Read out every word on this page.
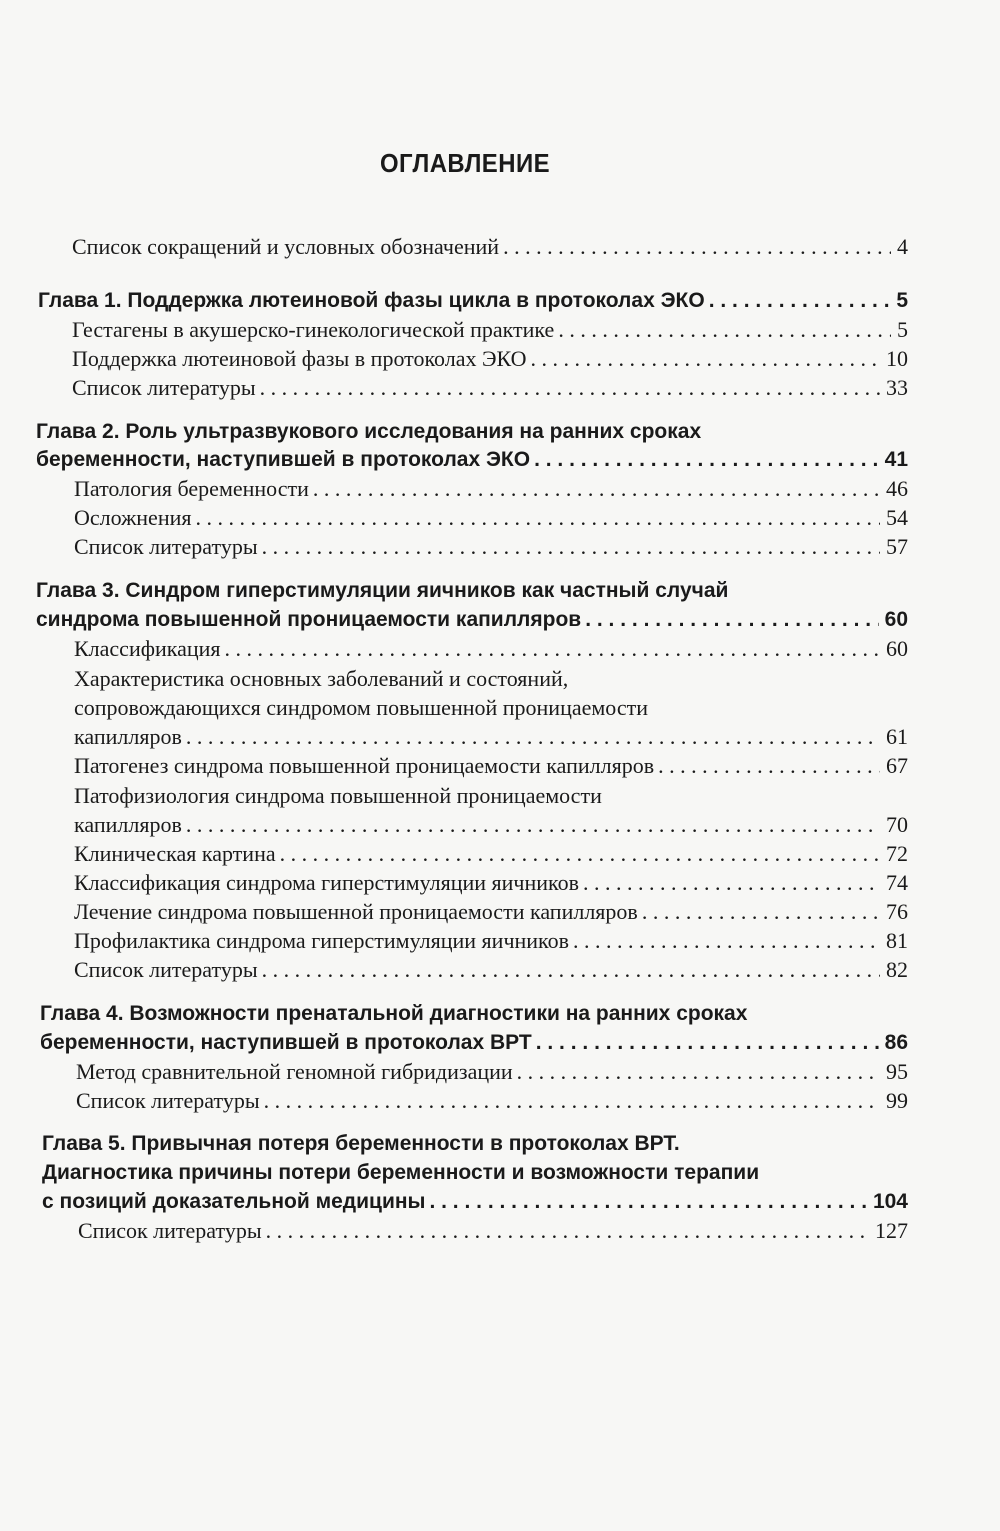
ОГЛАВЛЕНИЕ
Список сокращений и условных обозначений . . .	4
Глава 1. Поддержка лютеиновой фазы цикла в протоколах ЭКО . . .	5
Гестагены в акушерско-гинекологической практике . . .	5
Поддержка лютеиновой фазы в протоколах ЭКО . . .	10
Список литературы . . .	33
Глава 2. Роль ультразвукового исследования на ранних сроках
беременности, наступившей в протоколах ЭКО . . .	41
Патология беременности . . .	46
Осложнения . . .	54
Список литературы . . .	57
Глава 3. Синдром гиперстимуляции яичников как частный случай
синдрома повышенной проницаемости капилляров . . .	60
Классификация . . .	60
Характеристика основных заболеваний и состояний,
сопровождающихся синдромом повышенной проницаемости
капилляров . . .	61
Патогенез синдрома повышенной проницаемости капилляров . . .	67
Патофизиология синдрома повышенной проницаемости
капилляров . . .	70
Клиническая картина . . .	72
Классификация синдрома гиперстимуляции яичников . . .	74
Лечение синдрома повышенной проницаемости капилляров . . .	76
Профилактика синдрома гиперстимуляции яичников . . .	81
Список литературы . . .	82
Глава 4. Возможности пренатальной диагностики на ранних сроках
беременности, наступившей в протоколах ВРТ . . .	86
Метод сравнительной геномной гибридизации . . .	95
Список литературы . . .	99
Глава 5. Привычная потеря беременности в протоколах ВРТ.
Диагностика причины потери беременности и возможности терапии
с позиций доказательной медицины . . .	104
Список литературы . . .	127
